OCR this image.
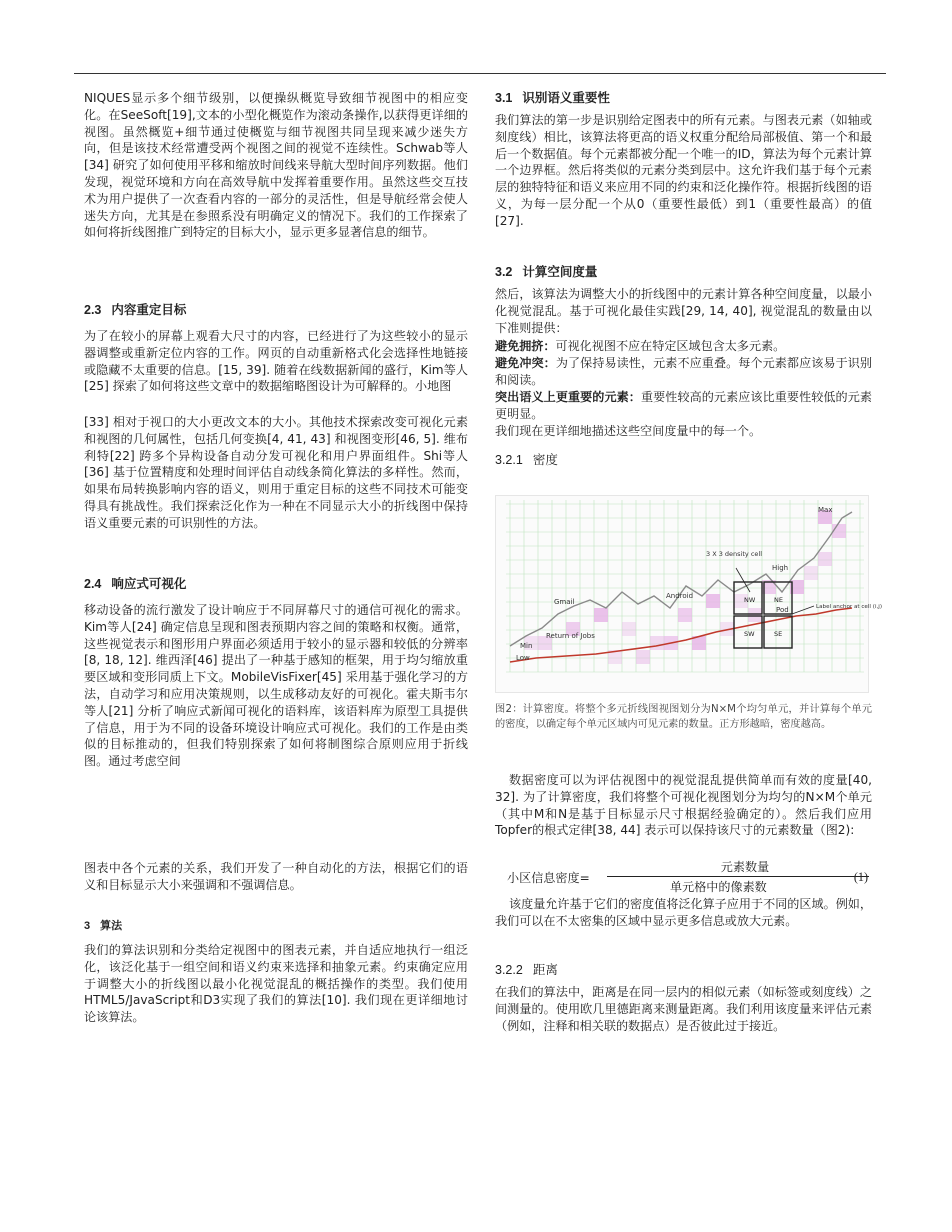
NIQUES显示多个细节级别，以便操纵概览导致细节视图中的相应变化。在SeeSoft[19],文本的小型化概览作为滚动条操作,以获得更详细的视图。虽然概览+细节通过使概览与细节视图共同呈现来减少迷失方向，但是该技术经常遭受两个视图之间的视觉不连续性。Schwab等人[34] 研究了如何使用平移和缩放时间线来导航大型时间序列数据。他们发现，视觉环境和方向在高效导航中发挥着重要作用。虽然这些交互技术为用户提供了一次查看内容的一部分的灵活性，但是导航经常会使人迷失方向，尤其是在参照系没有明确定义的情况下。我们的工作探索了如何将折线图推广到特定的目标大小，显示更多显著信息的细节。

2.3 内容重定目标

为了在较小的屏幕上观看大尺寸的内容，已经进行了为这些较小的显示器调整或重新定位内容的工作。网页的自动重新格式化会选择性地链接或隐藏不太重要的信息。[15, 39]. 随着在线数据新闻的盛行，Kim等人[25] 探索了如何将这些文章中的数据缩略图设计为可解释的。小地图

[33] 相对于视口的大小更改文本的大小。其他技术探索改变可视化元素和视图的几何属性，包括几何变换[4, 41, 43] 和视图变形[46, 5]. 维布利特[22] 跨多个异构设备自动分发可视化和用户界面组件。Shi等人[36] 基于位置精度和处理时间评估自动线条简化算法的多样性。然而，如果布局转换影响内容的语义，则用于重定目标的这些不同技术可能变得具有挑战性。我们探索泛化作为一种在不同显示大小的折线图中保持语义重要元素的可识别性的方法。

2.4 响应式可视化

移动设备的流行激发了设计响应于不同屏幕尺寸的通信可视化的需求。Kim等人[24] 确定信息呈现和图表预期内容之间的策略和权衡。通常，这些视觉表示和图形用户界面必须适用于较小的显示器和较低的分辨率[8, 18, 12]. 维西泽[46] 提出了一种基于感知的框架，用于均匀缩放重要区域和变形同质上下文。MobileVisFixer[45] 采用基于强化学习的方法，自动学习和应用决策规则，以生成移动友好的可视化。霍夫斯韦尔等人[21] 分析了响应式新闻可视化的语料库，该语料库为原型工具提供了信息，用于为不同的设备环境设计响应式可视化。我们的工作是由类似的目标推动的，但我们特别探索了如何将制图综合原则应用于折线图。通过考虑空间

图表中各个元素的关系，我们开发了一种自动化的方法，根据它们的语义和目标显示大小来强调和不强调信息。

3 算法

我们的算法识别和分类给定视图中的图表元素，并自适应地执行一组泛化，该泛化基于一组空间和语义约束来选择和抽象元素。约束确定应用于调整大小的折线图以最小化视觉混乱的概括操作的类型。我们使用HTML5/JavaScript和D3实现了我们的算法[10]. 我们现在更详细地讨论该算法。

3.1 识别语义重要性

我们算法的第一步是识别给定图表中的所有元素。与图表元素（如轴或刻度线）相比，该算法将更高的语义权重分配给局部极值、第一个和最后一个数据值。每个元素都被分配一个唯一的ID，算法为每个元素计算一个边界框。然后将类似的元素分类到层中。这允许我们基于每个元素层的独特特征和语义来应用不同的约束和泛化操作符。根据折线图的语义，为每一层分配一个从0（重要性最低）到1（重要性最高）的值[27].

3.2 计算空间度量

然后，该算法为调整大小的折线图中的元素计算各种空间度量，以最小化视觉混乱。基于可视化最佳实践[29, 14, 40], 视觉混乱的数量由以下准则提供：

避免拥挤：可视化视图不应在特定区域包含太多元素。

避免冲突：为了保持易读性，元素不应重叠。每个元素都应该易于识别和阅读。

突出语义上更重要的元素：重要性较高的元素应该比重要性较低的元素更明显。

我们现在更详细地描述这些空间度量中的每一个。

3.2.1 密度
Max
Min
Low
High
Pod
Gmail
Android
Return of Jobs
3 X 3 density cell
NW	NE
SW	SE
Label anchor at cell (i,j)

图2：计算密度。将整个多元折线图视图划分为N×M个均匀单元，并计算每个单元的密度，以确定每个单元区域内可见元素的数量。正方形越暗，密度越高。

数据密度可以为评估视图中的视觉混乱提供简单而有效的度量[40, 32]. 为了计算密度，我们将整个可视化视图划分为均匀的N×M个单元（其中M和N是基于目标显示尺寸根据经验确定的）。然后我们应用Topfer的根式定律[38, 44] 表示可以保持该尺寸的元素数量（图2):

小区信息密度=
元素数量
单元格中的像素数
(1)

该度量允许基于它们的密度值将泛化算子应用于不同的区域。例如，我们可以在不太密集的区域中显示更多信息或放大元素。

3.2.2 距离

在我们的算法中，距离是在同一层内的相似元素（如标签或刻度线）之间测量的。使用欧几里德距离来测量距离。我们利用该度量来评估元素（例如，注释和相关联的数据点）是否彼此过于接近。
